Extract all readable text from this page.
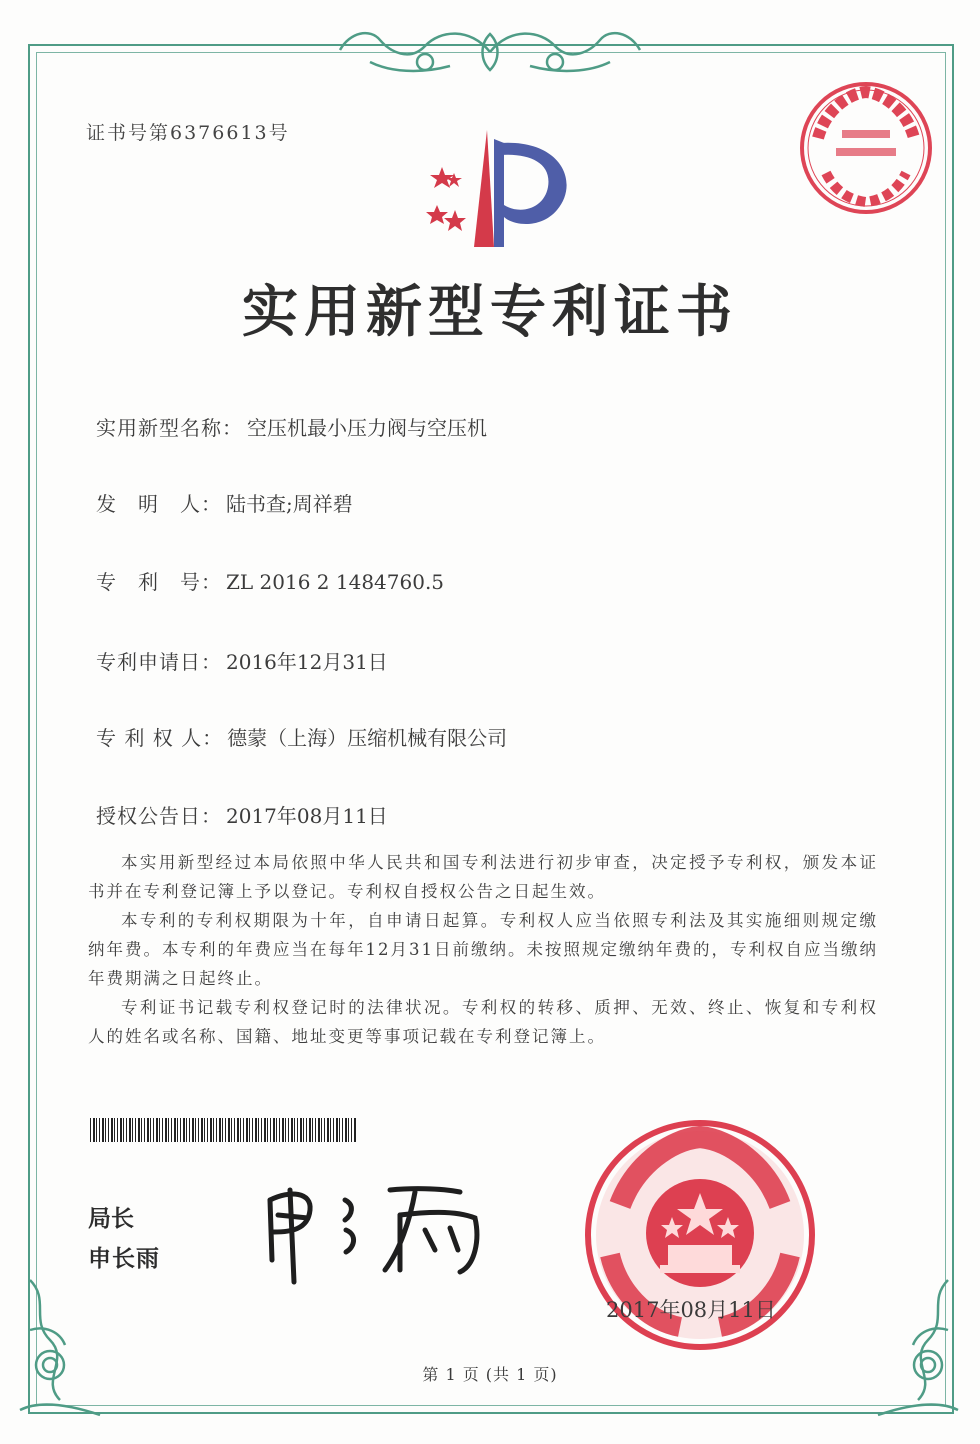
证书号第6376613号
实用新型专利证书
实用新型名称： 空压机最小压力阀与空压机
发　明　人： 陆书查;周祥碧
专　利　号： ZL 2016 2 1484760.5
专利申请日： 2016年12月31日
专 利 权 人： 德蒙（上海）压缩机械有限公司
授权公告日： 2017年08月11日

本实用新型经过本局依照中华人民共和国专利法进行初步审查，决定授予专利权，颁发本证书并在专利登记簿上予以登记。专利权自授权公告之日起生效。

本专利的专利权期限为十年，自申请日起算。专利权人应当依照专利法及其实施细则规定缴纳年费。本专利的年费应当在每年12月31日前缴纳。未按照规定缴纳年费的，专利权自应当缴纳年费期满之日起终止。

专利证书记载专利权登记时的法律状况。专利权的转移、质押、无效、终止、恢复和专利权人的姓名或名称、国籍、地址变更等事项记载在专利登记簿上。

局长
申长雨
2017年08月11日
第 1 页 (共 1 页)
